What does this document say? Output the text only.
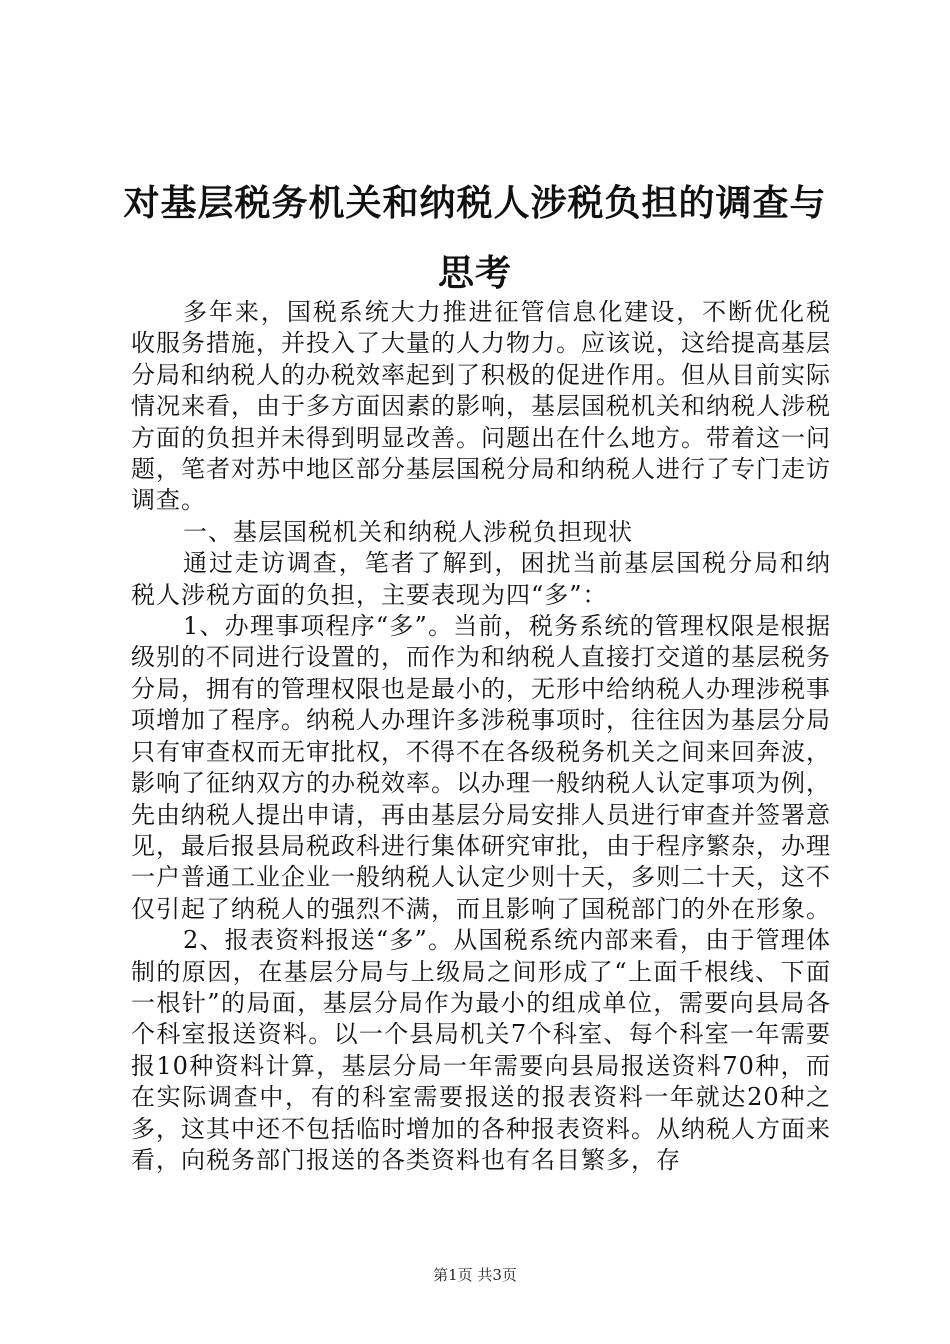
对基层税务机关和纳税人涉税负担的调查与思考

多年来，国税系统大力推进征管信息化建设，不断优化税收服务措施，并投入了大量的人力物力。应该说，这给提高基层分局和纳税人的办税效率起到了积极的促进作用。但从目前实际情况来看，由于多方面因素的影响，基层国税机关和纳税人涉税方面的负担并未得到明显改善。问题出在什么地方。带着这一问题，笔者对苏中地区部分基层国税分局和纳税人进行了专门走访调查。

一、基层国税机关和纳税人涉税负担现状

通过走访调查，笔者了解到，困扰当前基层国税分局和纳税人涉税方面的负担，主要表现为四“多”：

1、办理事项程序“多”。当前，税务系统的管理权限是根据级别的不同进行设置的，而作为和纳税人直接打交道的基层税务分局，拥有的管理权限也是最小的，无形中给纳税人办理涉税事项增加了程序。纳税人办理许多涉税事项时，往往因为基层分局只有审查权而无审批权，不得不在各级税务机关之间来回奔波，影响了征纳双方的办税效率。以办理一般纳税人认定事项为例，先由纳税人提出申请，再由基层分局安排人员进行审查并签署意见，最后报县局税政科进行集体研究审批，由于程序繁杂，办理一户普通工业企业一般纳税人认定少则十天，多则二十天，这不仅引起了纳税人的强烈不满，而且影响了国税部门的外在形象。

2、报表资料报送“多”。从国税系统内部来看，由于管理体制的原因，在基层分局与上级局之间形成了“上面千根线、下面一根针”的局面，基层分局作为最小的组成单位，需要向县局各个科室报送资料。以一个县局机关7个科室、每个科室一年需要报10种资料计算，基层分局一年需要向县局报送资料70种，而在实际调查中，有的科室需要报送的报表资料一年就达20种之多，这其中还不包括临时增加的各种报表资料。从纳税人方面来看，向税务部门报送的各类资料也有名目繁多，存

第1页 共3页
